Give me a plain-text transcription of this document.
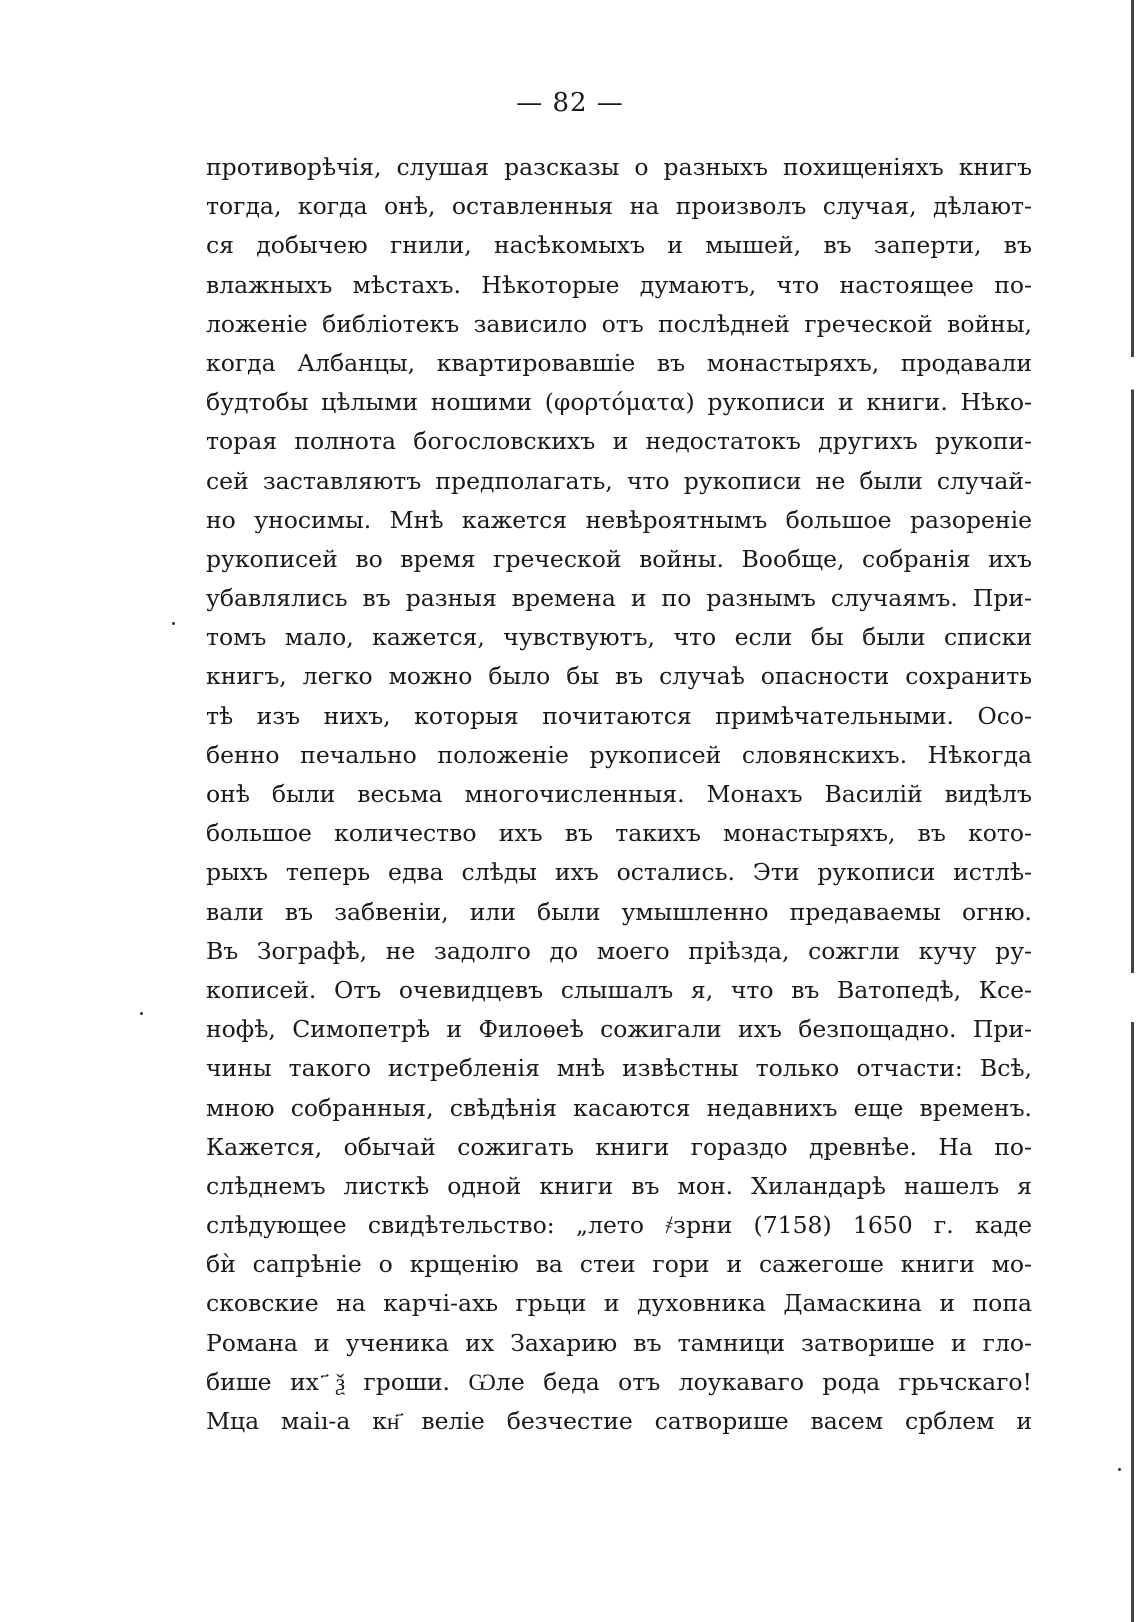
— 82 —
противорѣчія, слушая разсказы о разныхъ похищеніяхъ книгъ
тогда, когда онѣ, оставленныя на произволъ случая, дѣлают-
ся добычею гнили, насѣкомыхъ и мышей, въ заперти, въ
влажныхъ мѣстахъ. Нѣкоторые думаютъ, что настоящее по-
ложеніе библіотекъ зависило отъ послѣдней греческой войны,
когда Албанцы, квартировавшіе въ монастыряхъ, продавали
будтобы цѣлыми ношими (φορτόματα) рукописи и книги. Нѣко-
торая полнота богословскихъ и недостатокъ другихъ рукопи-
сей заставляютъ предполагать, что рукописи не были случай-
но уносимы. Мнѣ кажется невѣроятнымъ большое разореніе
рукописей во время греческой войны. Вообще, собранія ихъ
убавлялись въ разныя времена и по разнымъ случаямъ. При-
томъ мало, кажется, чувствуютъ, что если бы были списки
книгъ, легко можно было бы въ случаѣ опасности сохранить
тѣ изъ нихъ, которыя почитаются примѣчательными. Осо-
бенно печально положеніе рукописей словянскихъ. Нѣкогда
онѣ были весьма многочисленныя. Монахъ Василій видѣлъ
большое количество ихъ въ такихъ монастыряхъ, въ кото-
рыхъ теперь едва слѣды ихъ остались. Эти рукописи истлѣ-
вали въ забвеніи, или были умышленно предаваемы огню.
Въ Зографѣ, не задолго до моего пріѣзда, сожгли кучу ру-
кописей. Отъ очевидцевъ слышалъ я, что въ Ватопедѣ, Ксе-
нофѣ, Симопетрѣ и Филоѳеѣ сожигали ихъ безпощадно. При-
чины такого истребленія мнѣ извѣстны только отчасти: Всѣ,
мною собранныя, свѣдѣнія касаются недавнихъ еще временъ.
Кажется, обычай сожигать книги гораздо древнѣе. На по-
слѣднемъ листкѣ одной книги въ мон. Хиландарѣ нашелъ я
слѣдующее свидѣтельство: „лето ҂зрни (7158) 1650 г. каде
бѝ сапрѣніе о крщенію ва стеи гори и сажегоше книги мо-
сковские на карчі-ахь грьци и духовника Дамаскина и попа
Романа и ученика их Захарию въ тамници затворише и гло-
бише их ҃ѯ гроши. Ѡле беда отъ лоукаваго рода грьчскаго!
Мца маіı-а кн҃ веліе безчестие сатворише васем срблем и
